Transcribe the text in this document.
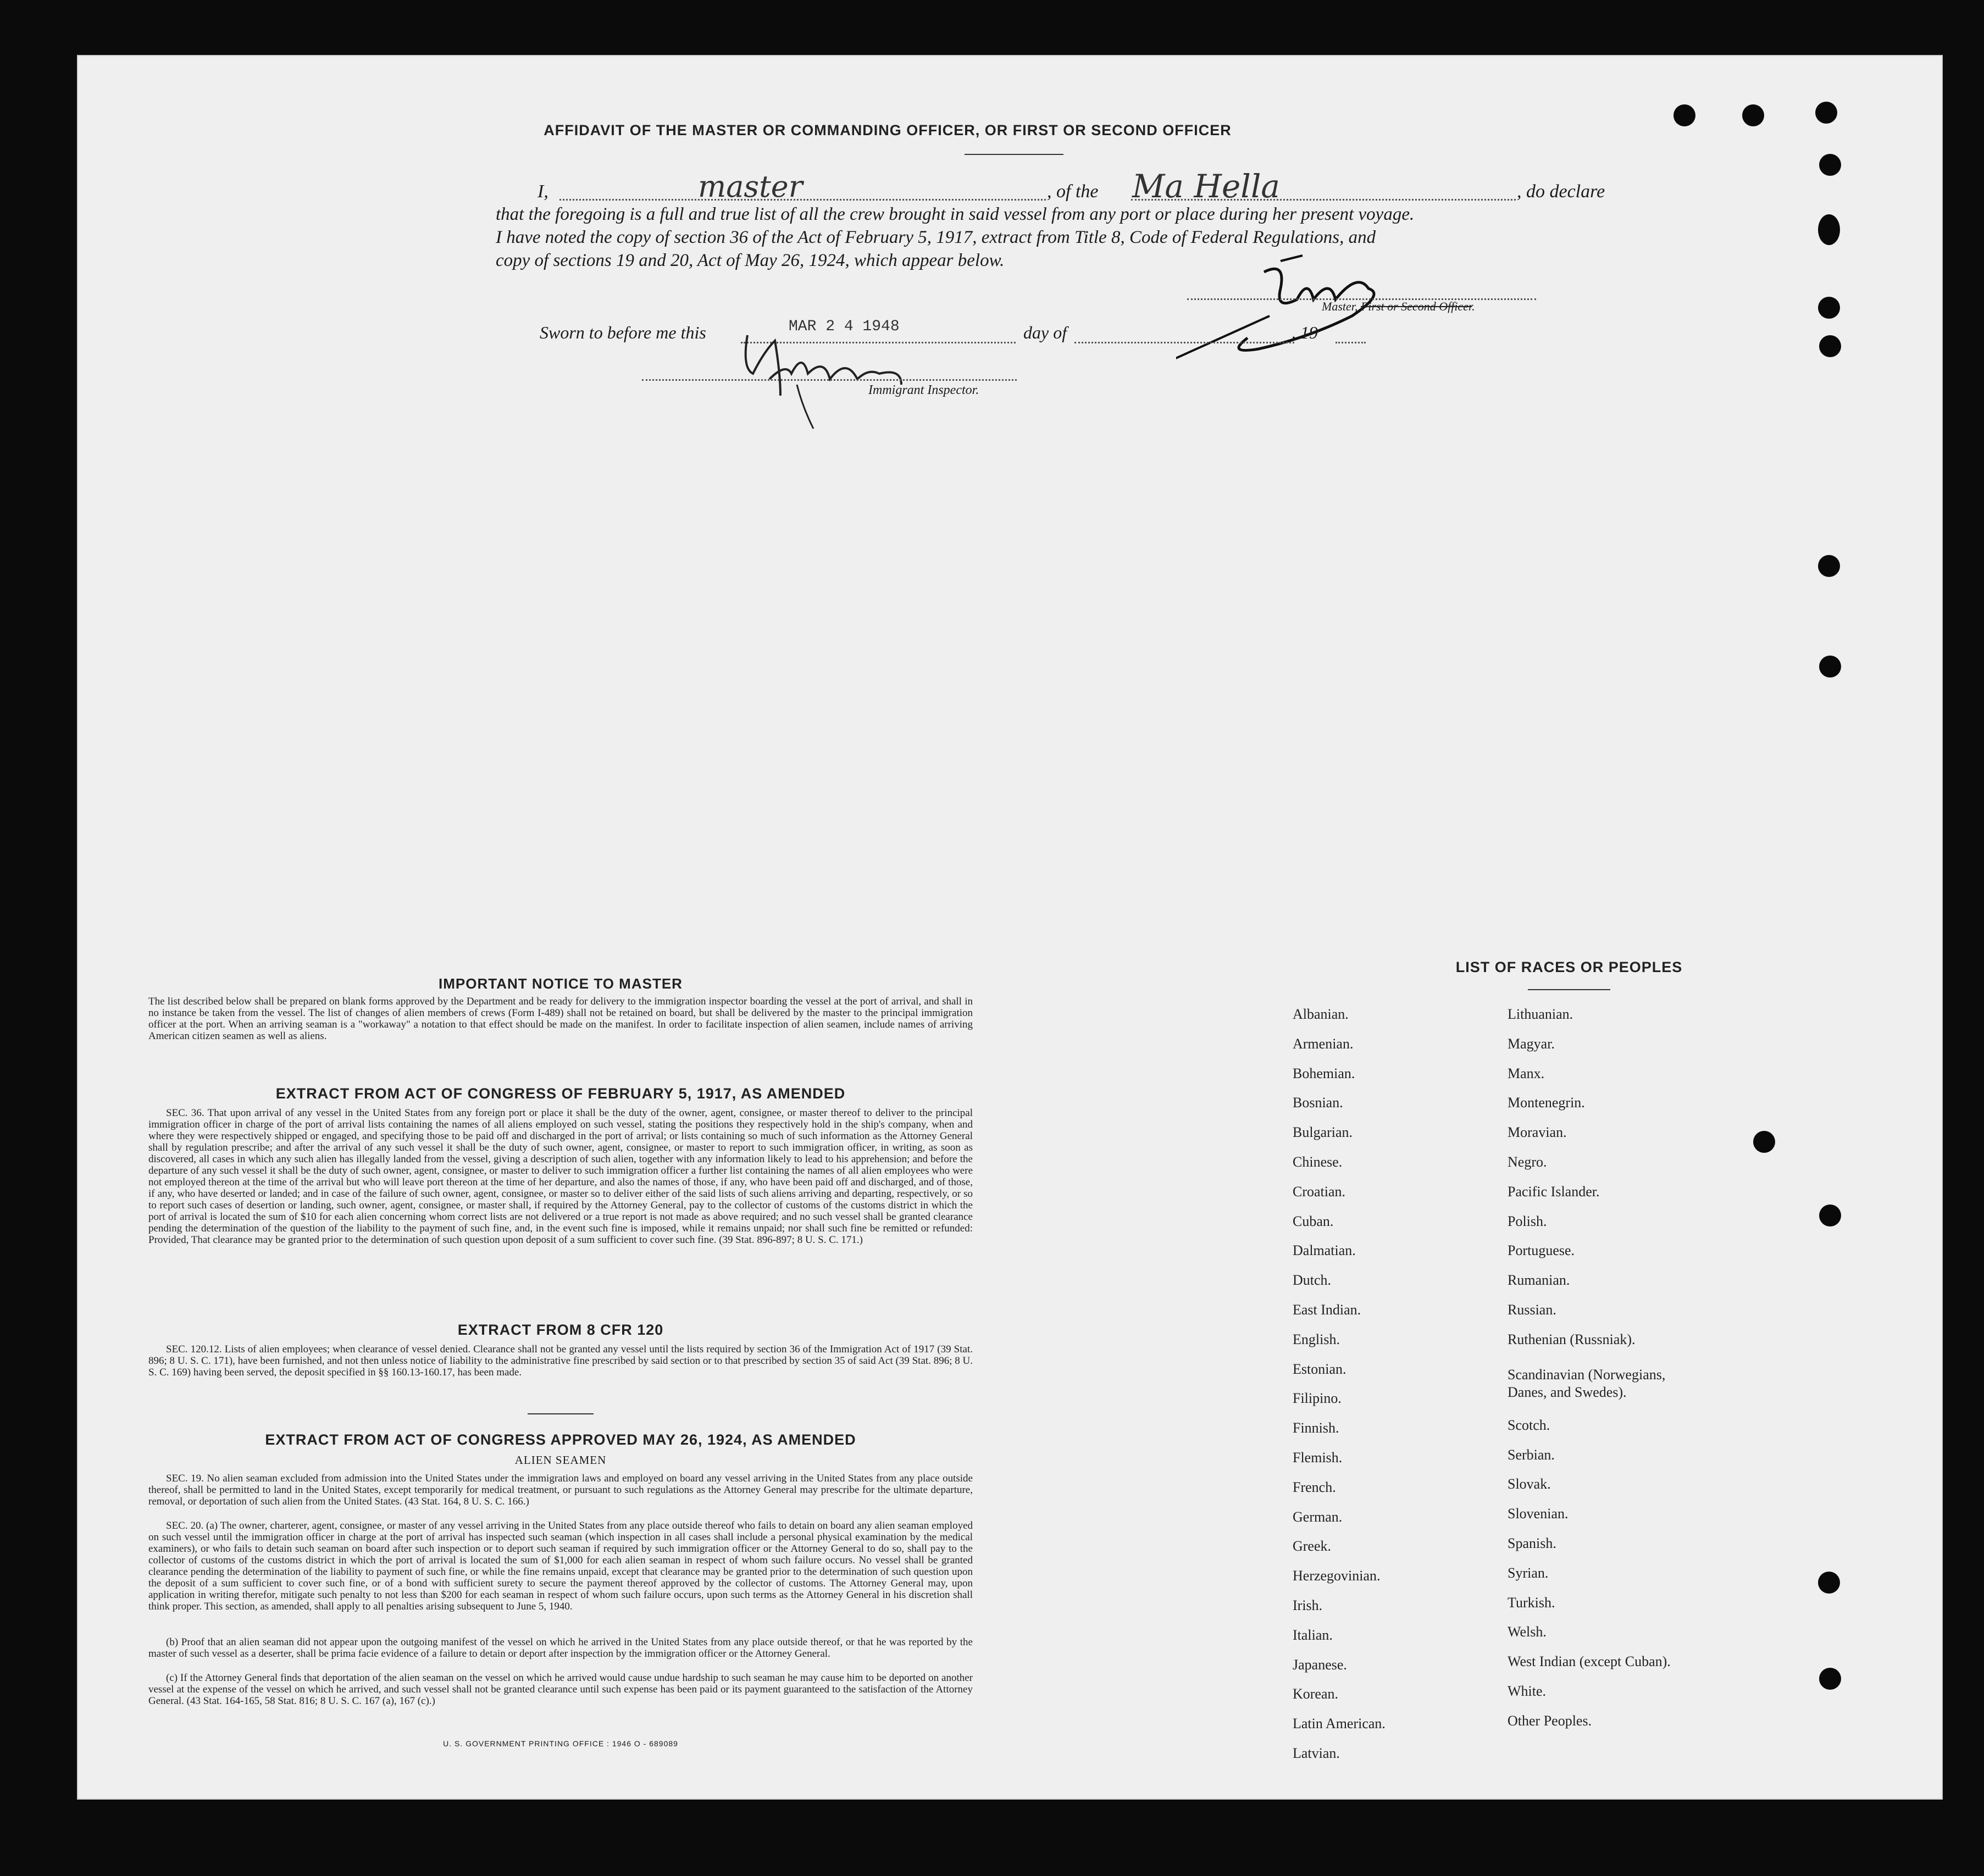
AFFIDAVIT OF THE MASTER OR COMMANDING OFFICER, OR FIRST OR SECOND OFFICER
I,	master	, of the Ma Hella	, do declare
that the foregoing is a full and true list of all the crew brought in said vessel from any port or place during her present voyage.
I have noted the copy of section 36 of the Act of February 5, 1917, extract from Title 8, Code of Federal Regulations, and
copy of sections 19 and 20, Act of May 26, 1924, which appear below.
Master, First or Second Officer.
Sworn to before me this	MAR 2 4 1948	day of	, 19
Immigrant Inspector.
IMPORTANT NOTICE TO MASTER
The list described below shall be prepared on blank forms approved by the Department and be ready for delivery to the immigration inspector boarding the vessel at the port of arrival, and shall in no instance be taken from the vessel. The list of changes of alien members of crews (Form I-489) shall not be retained on board, but shall be delivered by the master to the principal immigration officer at the port. When an arriving seaman is a "workaway" a notation to that effect should be made on the manifest. In order to facilitate inspection of alien seamen, include names of arriving American citizen seamen as well as aliens.
EXTRACT FROM ACT OF CONGRESS OF FEBRUARY 5, 1917, AS AMENDED
SEC. 36. That upon arrival of any vessel in the United States from any foreign port or place it shall be the duty of the owner, agent, consignee, or master thereof to deliver to the principal immigration officer in charge of the port of arrival lists containing the names of all aliens employed on such vessel, stating the positions they respectively hold in the ship's company, when and where they were respectively shipped or engaged, and specifying those to be paid off and discharged in the port of arrival; or lists containing so much of such information as the Attorney General shall by regulation prescribe; and after the arrival of any such vessel it shall be the duty of such owner, agent, consignee, or master to report to such immigration officer, in writing, as soon as discovered, all cases in which any such alien has illegally landed from the vessel, giving a description of such alien, together with any information likely to lead to his apprehension; and before the departure of any such vessel it shall be the duty of such owner, agent, consignee, or master to deliver to such immigration officer a further list containing the names of all alien employees who were not employed thereon at the time of the arrival but who will leave port thereon at the time of her departure, and also the names of those, if any, who have been paid off and discharged, and of those, if any, who have deserted or landed; and in case of the failure of such owner, agent, consignee, or master so to deliver either of the said lists of such aliens arriving and departing, respectively, or so to report such cases of desertion or landing, such owner, agent, consignee, or master shall, if required by the Attorney General, pay to the collector of customs of the customs district in which the port of arrival is located the sum of $10 for each alien concerning whom correct lists are not delivered or a true report is not made as above required; and no such vessel shall be granted clearance pending the determination of the question of the liability to the payment of such fine, and, in the event such fine is imposed, while it remains unpaid; nor shall such fine be remitted or refunded: Provided, That clearance may be granted prior to the determination of such question upon deposit of a sum sufficient to cover such fine. (39 Stat. 896-897; 8 U. S. C. 171.)
EXTRACT FROM 8 CFR 120
SEC. 120.12. Lists of alien employees; when clearance of vessel denied. Clearance shall not be granted any vessel until the lists required by section 36 of the Immigration Act of 1917 (39 Stat. 896; 8 U. S. C. 171), have been furnished, and not then unless notice of liability to the administrative fine prescribed by said section or to that prescribed by section 35 of said Act (39 Stat. 896; 8 U. S. C. 169) having been served, the deposit specified in §§ 160.13-160.17, has been made.
EXTRACT FROM ACT OF CONGRESS APPROVED MAY 26, 1924, AS AMENDED
ALIEN SEAMEN
SEC. 19. No alien seaman excluded from admission into the United States under the immigration laws and employed on board any vessel arriving in the United States from any place outside thereof, shall be permitted to land in the United States, except temporarily for medical treatment, or pursuant to such regulations as the Attorney General may prescribe for the ultimate departure, removal, or deportation of such alien from the United States. (43 Stat. 164, 8 U. S. C. 166.)
SEC. 20. (a) The owner, charterer, agent, consignee, or master of any vessel arriving in the United States from any place outside thereof who fails to detain on board any alien seaman employed on such vessel until the immigration officer in charge at the port of arrival has inspected such seaman (which inspection in all cases shall include a personal physical examination by the medical examiners), or who fails to detain such seaman on board after such inspection or to deport such seaman if required by such immigration officer or the Attorney General to do so, shall pay to the collector of customs of the customs district in which the port of arrival is located the sum of $1,000 for each alien seaman in respect of whom such failure occurs. No vessel shall be granted clearance pending the determination of the liability to payment of such fine, or while the fine remains unpaid, except that clearance may be granted prior to the determination of such question upon the deposit of a sum sufficient to cover such fine, or of a bond with sufficient surety to secure the payment thereof approved by the collector of customs. The Attorney General may, upon application in writing therefor, mitigate such penalty to not less than $200 for each seaman in respect of whom such failure occurs, upon such terms as the Attorney General in his discretion shall think proper. This section, as amended, shall apply to all penalties arising subsequent to June 5, 1940.
(b) Proof that an alien seaman did not appear upon the outgoing manifest of the vessel on which he arrived in the United States from any place outside thereof, or that he was reported by the master of such vessel as a deserter, shall be prima facie evidence of a failure to detain or deport after inspection by the immigration officer or the Attorney General.
(c) If the Attorney General finds that deportation of the alien seaman on the vessel on which he arrived would cause undue hardship to such seaman he may cause him to be deported on another vessel at the expense of the vessel on which he arrived, and such vessel shall not be granted clearance until such expense has been paid or its payment guaranteed to the satisfaction of the Attorney General. (43 Stat. 164-165, 58 Stat. 816; 8 U. S. C. 167 (a), 167 (c).)
U. S. GOVERNMENT PRINTING OFFICE : 1946 O - 689089
LIST OF RACES OR PEOPLES
Albanian.
Armenian.
Bohemian.
Bosnian.
Bulgarian.
Chinese.
Croatian.
Cuban.
Dalmatian.
Dutch.
East Indian.
English.
Estonian.
Filipino.
Finnish.
Flemish.
French.
German.
Greek.
Herzegovinian.
Irish.
Italian.
Japanese.
Korean.
Latin American.
Latvian.
Lithuanian.
Magyar.
Manx.
Montenegrin.
Moravian.
Negro.
Pacific Islander.
Polish.
Portuguese.
Rumanian.
Russian.
Ruthenian (Russniak).
Scandinavian (Norwegians,
Danes, and Swedes).
Scotch.
Serbian.
Slovak.
Slovenian.
Spanish.
Syrian.
Turkish.
Welsh.
West Indian (except Cuban).
White.
Other Peoples.
